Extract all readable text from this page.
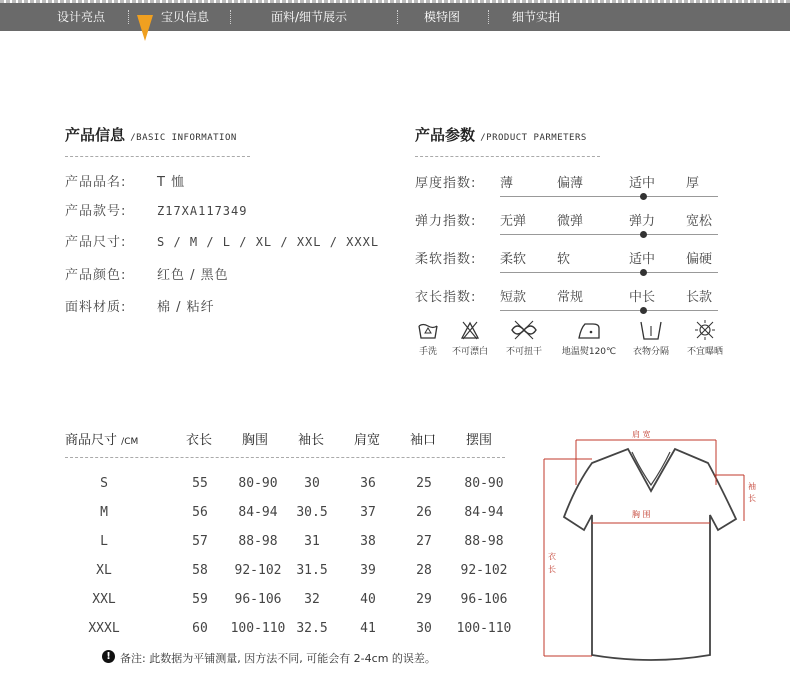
设计亮点	宝贝信息	面料/细节展示	模特图	细节实拍
产品信息 /BASIC INFORMATION
产品品名: T 恤
产品款号:	Z17XA117349
产品尺寸:	S / M / L / XL / XXL / XXXL
产品颜色: 红色 / 黑色
面料材质: 棉 / 粘纤
产品参数 /PRODUCT PARMETERS
厚度指数: 薄	偏薄	适中 厚
弹力指数: 无弹 微弹	弹力 宽松
柔软指数: 柔软 软	适中 偏硬
衣长指数: 短款 常规	中长 长款
手洗	不可漂白	不可扭干	地温熨120℃	衣物分隔	不宜曝晒
商品尺寸 /CM	衣长 胸围 袖长 肩宽 袖口 摆围
S	55	80-90	30	36	25	80-90
M	56	84-94	30.5	37	26	84-94
L	57	88-98	31	38	27	88-98
XL	58	92-102	31.5	39	28	92-102
XXL	59	96-106	32	40	29	96-106
XXXL	60	100-110 32.5	41	30	100-110
! 备注: 此数据为平铺测量, 因方法不同, 可能会有 2-4cm 的误差。
肩 宽
胸 围
袖
长
衣
长
